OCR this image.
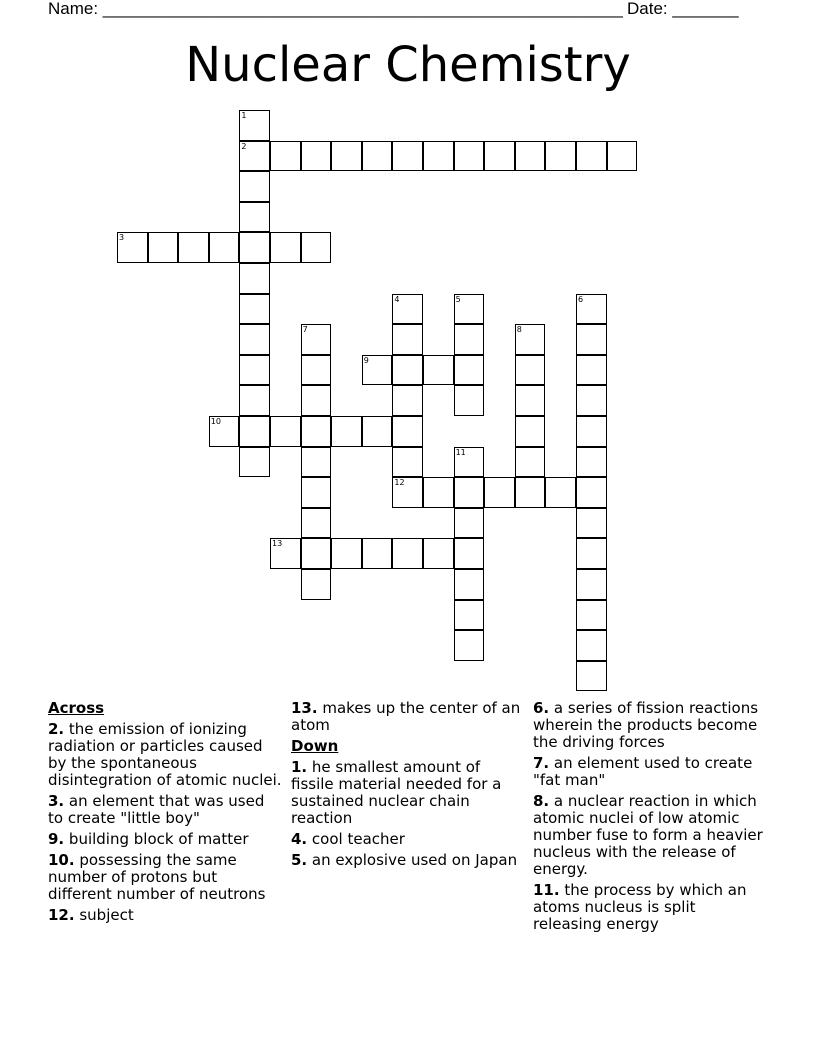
Name: _______________________________________________________ Date: _______
Nuclear Chemistry
1
2
3
4
12
5	6
7	8
9
10
11
13
Across
2. the emission of ionizing radiation or particles caused by the spontaneous disintegration of atomic nuclei.
3. an element that was used to create "little boy"
9. building block of matter
10. possessing the same number of protons but different number of neutrons
12. subject
13. makes up the center of an atom
Down
1. he smallest amount of fissile material needed for a sustained nuclear chain reaction
4. cool teacher
5. an explosive used on Japan
6. a series of fission reactions wherein the products become the driving forces
7. an element used to create "fat man"
8. a nuclear reaction in which atomic nuclei of low atomic number fuse to form a heavier nucleus with the release of energy.
11. the process by which an atoms nucleus is split releasing energy
